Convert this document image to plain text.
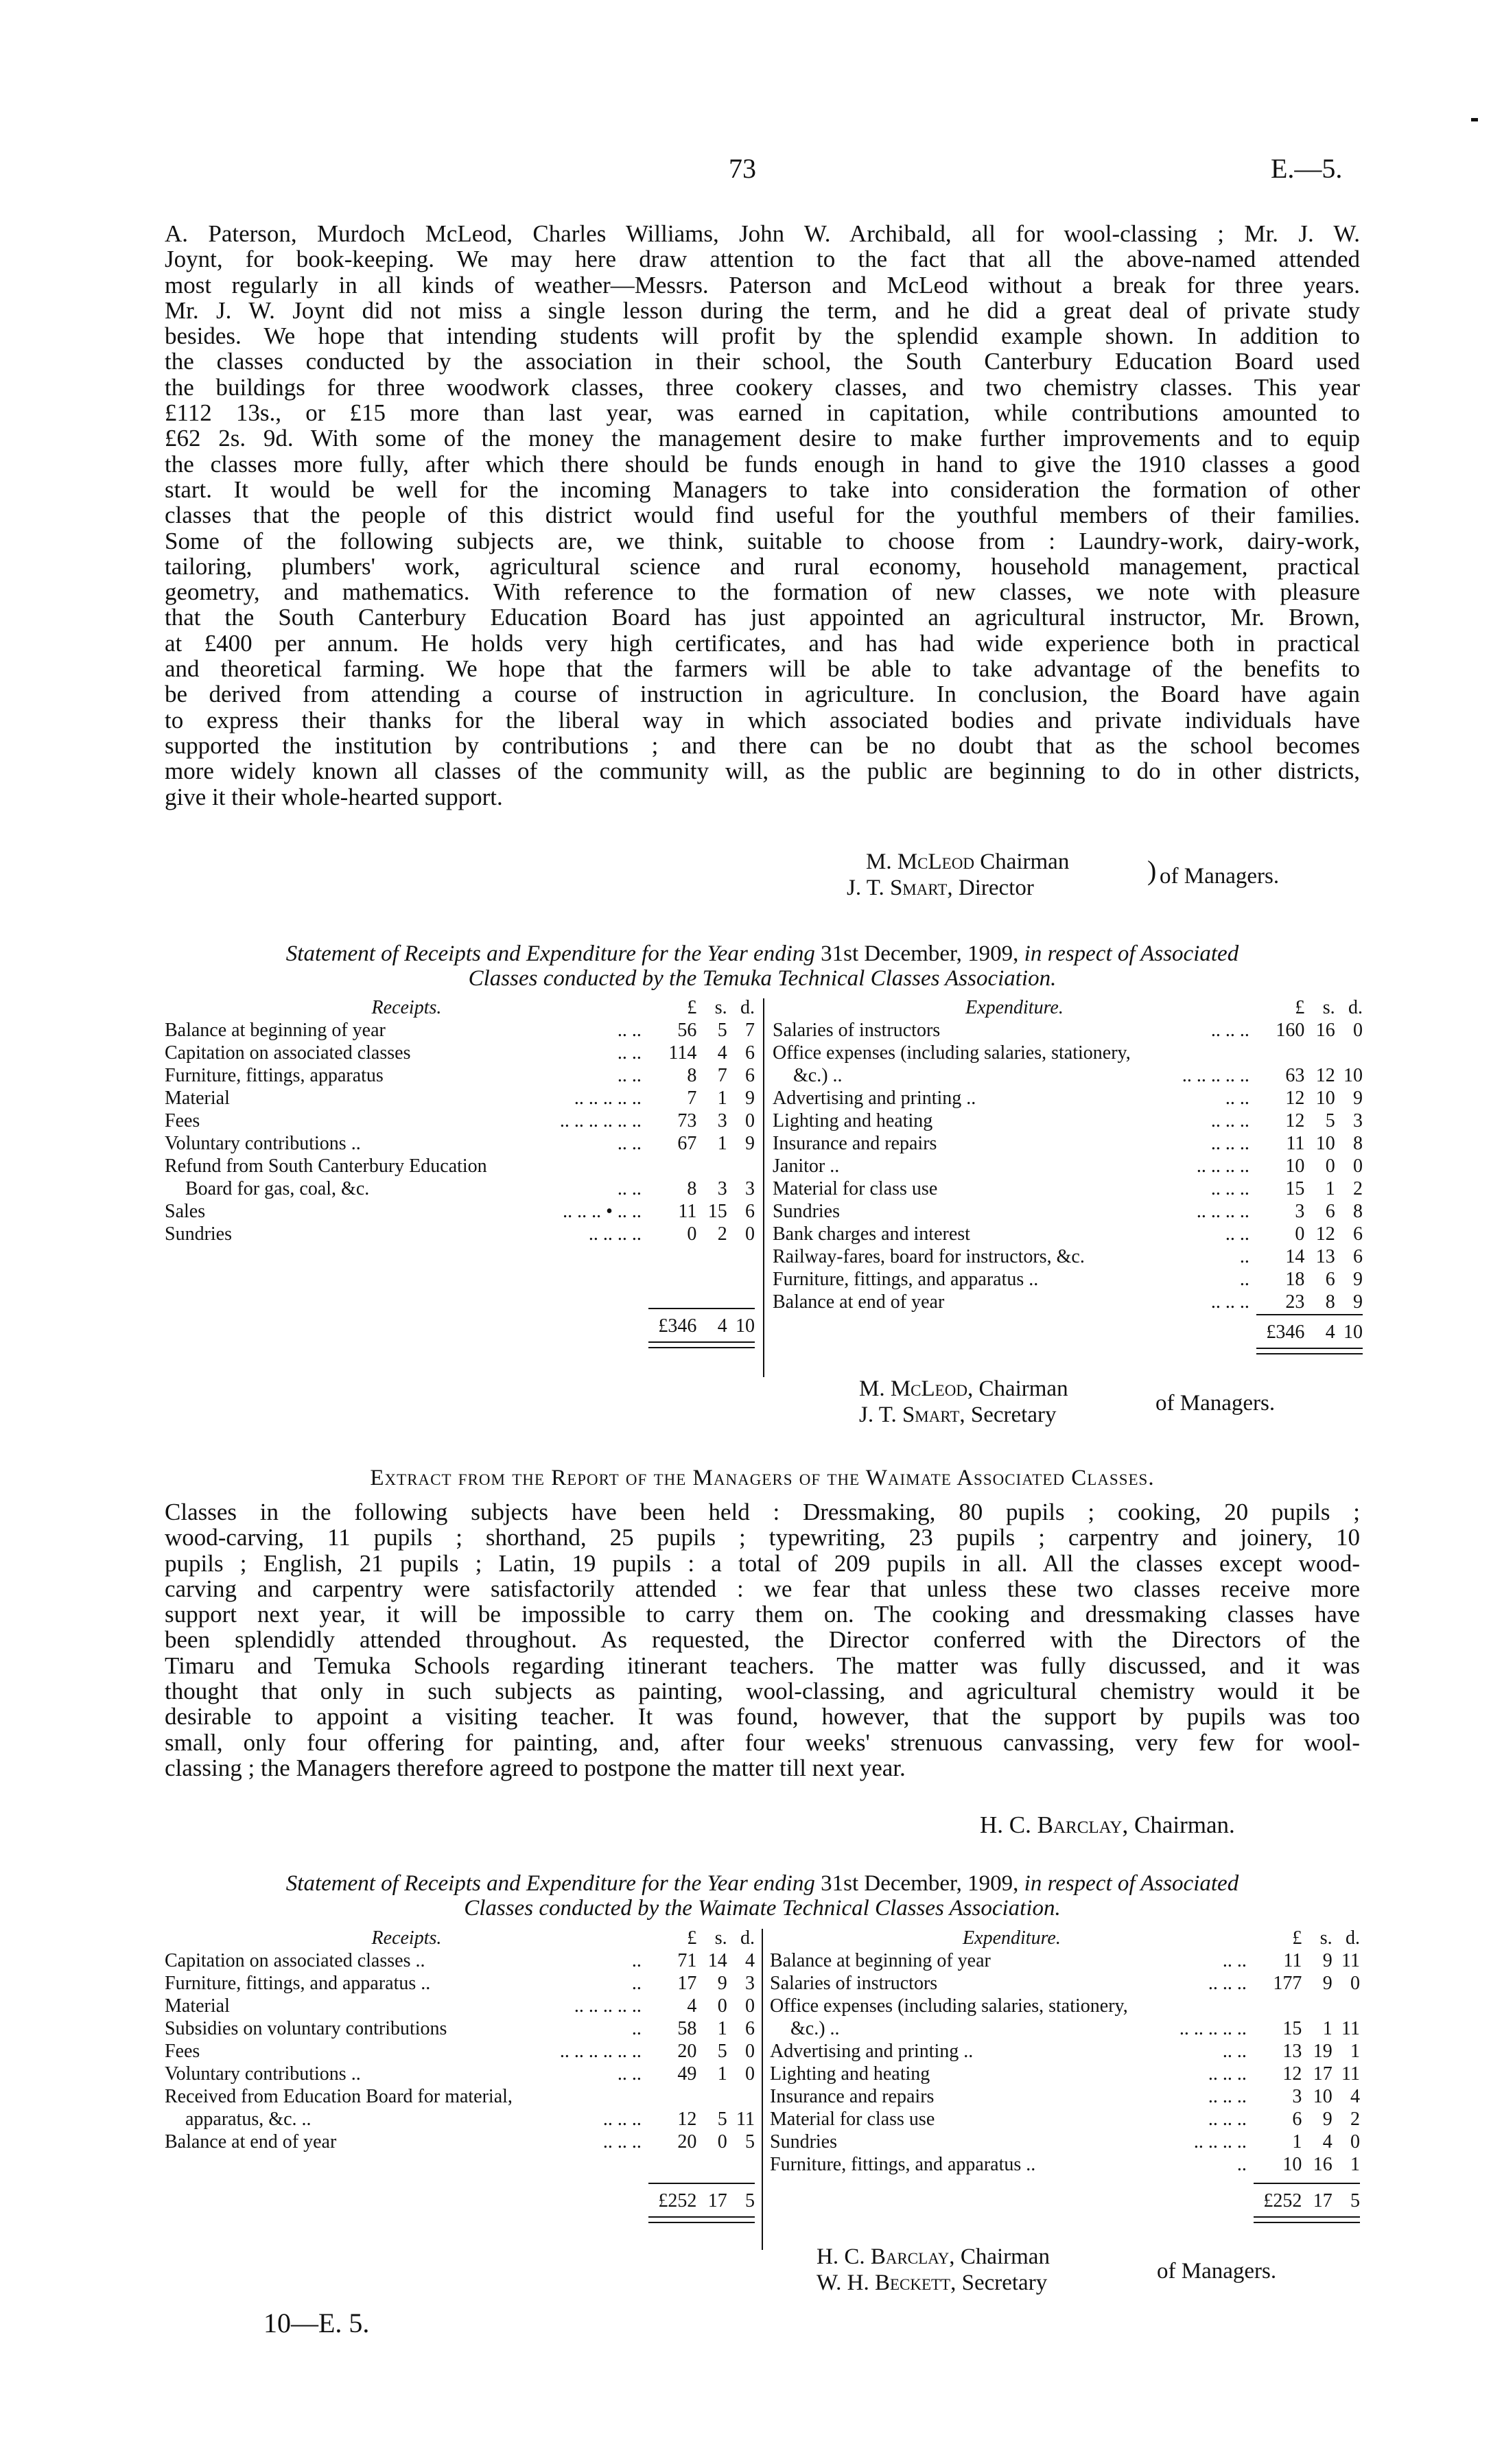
73	E.—5.
A. Paterson, Murdoch McLeod, Charles Williams, John W. Archibald, all for wool-classing ; Mr. J. W.
Joynt, for book-keeping. We may here draw attention to the fact that all the above-named attended
most regularly in all kinds of weather—Messrs. Paterson and McLeod without a break for three years.
Mr. J. W. Joynt did not miss a single lesson during the term, and he did a great deal of private study
besides. We hope that intending students will profit by the splendid example shown. In addition to
the classes conducted by the association in their school, the South Canterbury Education Board used
the buildings for three woodwork classes, three cookery classes, and two chemistry classes. This year
£112 13s., or £15 more than last year, was earned in capitation, while contributions amounted to
£62 2s. 9d. With some of the money the management desire to make further improvements and to equip
the classes more fully, after which there should be funds enough in hand to give the 1910 classes a good
start. It would be well for the incoming Managers to take into consideration the formation of other
classes that the people of this district would find useful for the youthful members of their families.
Some of the following subjects are, we think, suitable to choose from : Laundry-work, dairy-work,
tailoring, plumbers' work, agricultural science and rural economy, household management, practical
geometry, and mathematics. With reference to the formation of new classes, we note with pleasure
that the South Canterbury Education Board has just appointed an agricultural instructor, Mr. Brown,
at £400 per annum. He holds very high certificates, and has had wide experience both in practical
and theoretical farming. We hope that the farmers will be able to take advantage of the benefits to
be derived from attending a course of instruction in agriculture. In conclusion, the Board have again
to express their thanks for the liberal way in which associated bodies and private individuals have
supported the institution by contributions ; and there can be no doubt that as the school becomes
more widely known all classes of the community will, as the public are beginning to do in other districts,
give it their whole-hearted support.
M. McLeod Chairman
J. T. Smart, Director
) of Managers.
Statement of Receipts and Expenditure for the Year ending 31st December, 1909, in respect of Associated
Classes conducted by the Temuka Technical Classes Association.
Receipts.	£	s.	d.
Balance at beginning of year .. ..	56	5	7
Capitation on associated classes .. ..	114	4	6
Furniture, fittings, apparatus .. ..	8	7	6
Material .. .. .. .. ..	7	1	9
Fees .. .. .. .. .. ..	73	3	0
Voluntary contributions .. .. ..	67	1	9
Refund from South Canterbury Education			
Board for gas, coal, &c. .. ..	8	3	3
Sales .. .. .. • .. ..	11	15	6
Sundries .. .. .. ..	0	2	0

	£346	4	10

Expenditure.	£	s.	d.
Salaries of instructors .. .. ..	160	16	0
Office expenses (including salaries, stationery,			
&c.) .. .. .. .. .. ..	63	12	10
Advertising and printing .. .. ..	12	10	9
Lighting and heating .. .. ..	12	5	3
Insurance and repairs .. .. ..	11	10	8
Janitor .. .. .. .. ..	10	0	0
Material for class use .. .. ..	15	1	2
Sundries .. .. .. ..	3	6	8
Bank charges and interest .. ..	0	12	6
Railway-fares, board for instructors, &c. ..	14	13	6
Furniture, fittings, and apparatus .. ..	18	6	9
Balance at end of year .. .. ..	23	8	9

	£346	4	10

M. McLeod, Chairman
J. T. Smart, Secretary	of Managers.
Extract from the Report of the Managers of the Waimate Associated Classes.
Classes in the following subjects have been held : Dressmaking, 80 pupils ; cooking, 20 pupils ;
wood-carving, 11 pupils ; shorthand, 25 pupils ; typewriting, 23 pupils ; carpentry and joinery, 10
pupils ; English, 21 pupils ; Latin, 19 pupils : a total of 209 pupils in all. All the classes except wood-
carving and carpentry were satisfactorily attended : we fear that unless these two classes receive more
support next year, it will be impossible to carry them on. The cooking and dressmaking classes have
been splendidly attended throughout. As requested, the Director conferred with the Directors of the
Timaru and Temuka Schools regarding itinerant teachers. The matter was fully discussed, and it was
thought that only in such subjects as painting, wool-classing, and agricultural chemistry would it be
desirable to appoint a visiting teacher. It was found, however, that the support by pupils was too
small, only four offering for painting, and, after four weeks' strenuous canvassing, very few for wool-
classing ; the Managers therefore agreed to postpone the matter till next year.
H. C. Barclay, Chairman.
Statement of Receipts and Expenditure for the Year ending 31st December, 1909, in respect of Associated
Classes conducted by the Waimate Technical Classes Association.
Receipts.	£	s.	d.
Capitation on associated classes .. ..	71	14	4
Furniture, fittings, and apparatus .. ..	17	9	3
Material .. .. .. .. ..	4	0	0
Subsidies on voluntary contributions ..	58	1	6
Fees .. .. .. .. .. ..	20	5	0
Voluntary contributions .. .. ..	49	1	0
Received from Education Board for material,			
apparatus, &c. .. .. .. ..	12	5	11
Balance at end of year .. .. ..	20	0	5

	£252	17	5

Expenditure.	£	s.	d.
Balance at beginning of year .. ..	11	9	11
Salaries of instructors .. .. ..	177	9	0
Office expenses (including salaries, stationery,			
&c.) .. .. .. .. .. ..	15	1	11
Advertising and printing .. .. ..	13	19	1
Lighting and heating .. .. ..	12	17	11
Insurance and repairs .. .. ..	3	10	4
Material for class use .. .. ..	6	9	2
Sundries .. .. .. ..	1	4	0
Furniture, fittings, and apparatus .. ..	10	16	1

	£252	17	5

H. C. Barclay, Chairman
W. H. Beckett, Secretary	of Managers.
10—E. 5.
